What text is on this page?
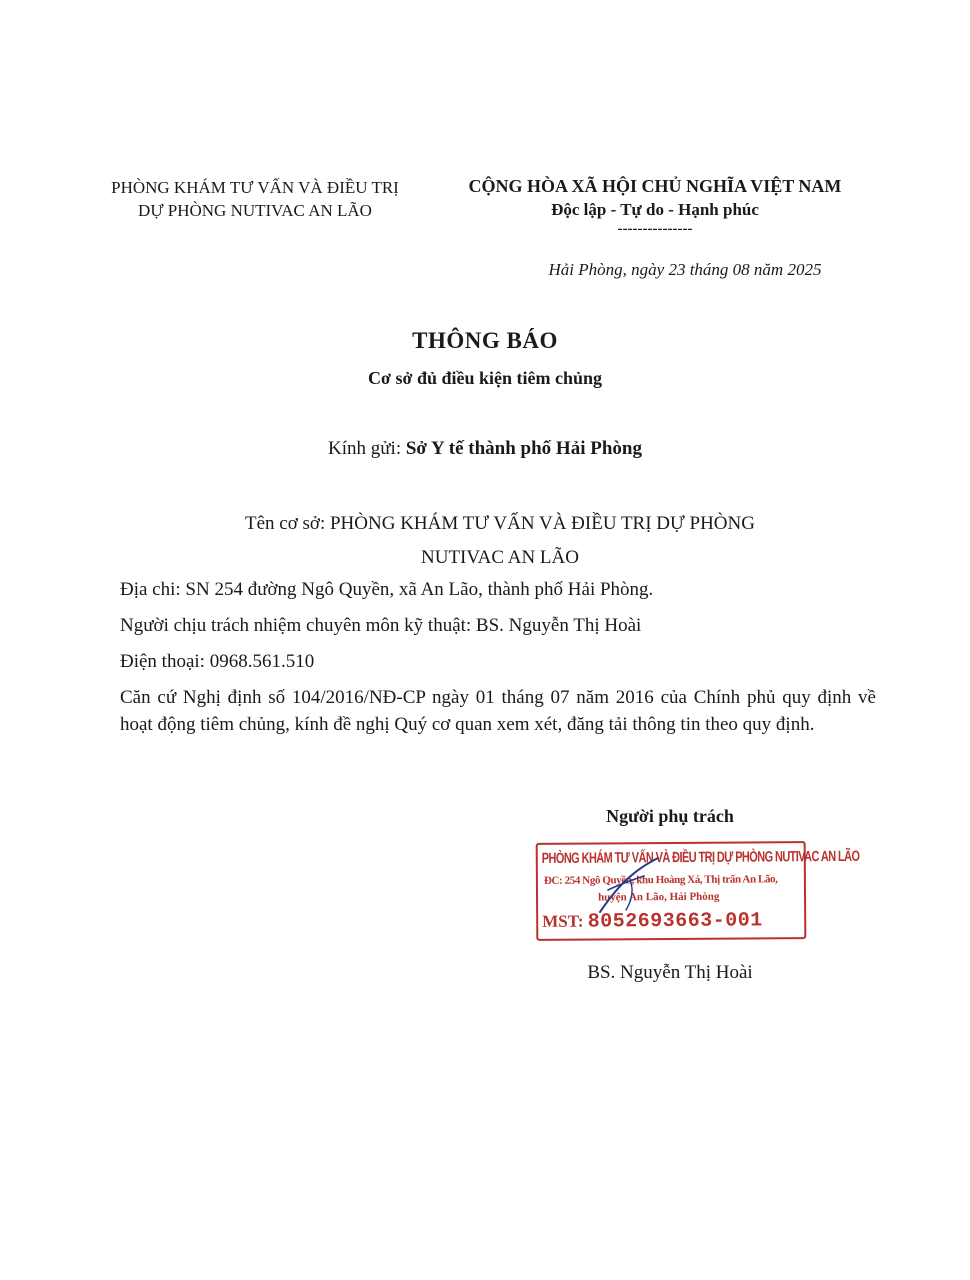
PHÒNG KHÁM TƯ VẤN VÀ ĐIỀU TRỊ
DỰ PHÒNG NUTIVAC AN LÃO
CỘNG HÒA XÃ HỘI CHỦ NGHĨA VIỆT NAM
Độc lập - Tự do - Hạnh phúc
---------------
Hải Phòng, ngày 23 tháng 08 năm 2025
THÔNG BÁO
Cơ sở đủ điều kiện tiêm chủng
Kính gửi: Sở Y tế thành phố Hải Phòng
Tên cơ sở: PHÒNG KHÁM TƯ VẤN VÀ ĐIỀU TRỊ DỰ PHÒNG
NUTIVAC AN LÃO
Địa chi: SN 254 đường Ngô Quyền, xã An Lão, thành phố Hải Phòng.
Người chịu trách nhiệm chuyên môn kỹ thuật: BS. Nguyễn Thị Hoài
Điện thoại: 0968.561.510
Căn cứ Nghị định số 104/2016/NĐ-CP ngày 01 tháng 07 năm 2016 của Chính phủ quy định về hoạt động tiêm chủng, kính đề nghị Quý cơ quan xem xét, đăng tải thông tin theo quy định.
Người phụ trách
PHÒNG KHÁM TƯ VẤN VÀ ĐIỀU TRỊ DỰ PHÒNG NUTIVAC AN LÃO
ĐC: 254 Ngô Quyền, khu Hoàng Xá, Thị trấn An Lão,
huyện An Lão, Hải Phòng
MST: 8052693663-001
BS. Nguyễn Thị Hoài
